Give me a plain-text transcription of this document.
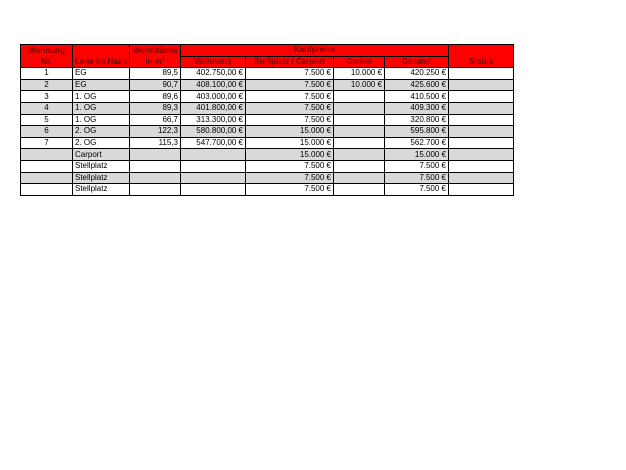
Wohnung		Wohnfläche	Kaufpreise				
Nr.	Lage im Haus	in $m^2$	Wohnung	Stellplatz / Carport	Garten	Gesamt	Status
1	EG	89,5	402.750,00 €	7.500 €	10.000 €	420.250 €	
2	EG	90,7	408.100,00 €	7.500 €	10.000 €	425.600 €	
3	1. OG	89,6	403.000,00 €	7.500 €		410.500 €	
4	1. OG	89,3	401.800,00 €	7.500 €		409.300 €	
5	1. OG	66,7	313.300,00 €	7.500 €		320.800 €	
6	2. OG	122,3	580.800,00 €	15.000 €		595.800 €	
7	2. OG	115,3	547.700,00 €	15.000 €		562.700 €	
	Carport			15.000 €		15.000 €	
	Stellplatz			7.500 €		7.500 €	
	Stellplatz			7.500 €		7.500 €	
	Stellplatz			7.500 €		7.500 €	
